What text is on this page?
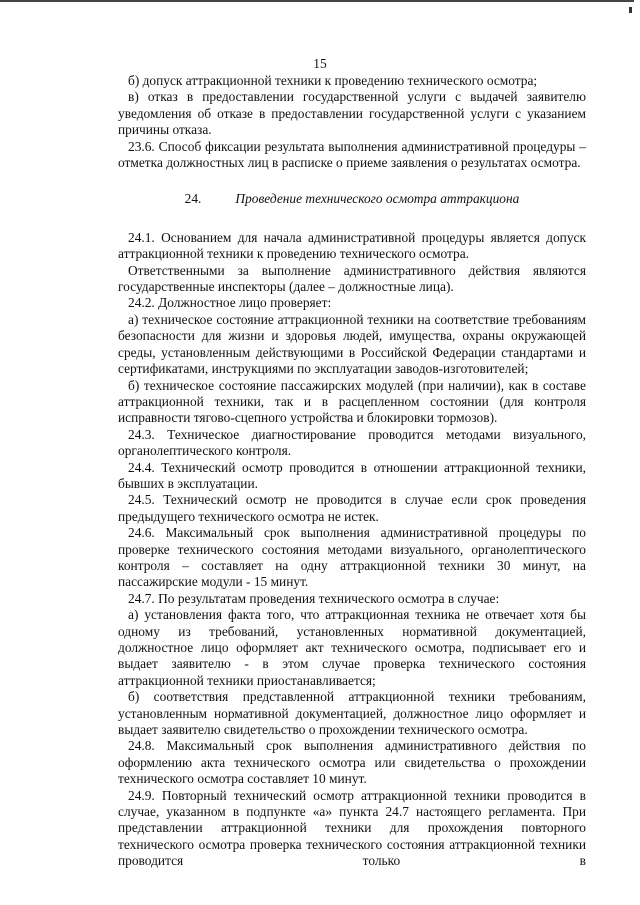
15

б) допуск аттракционной техники к проведению технического осмотра;

в) отказ в предоставлении государственной услуги с выдачей заявителю уведомления об отказе в предоставлении государственной услуги с указанием причины отказа.

23.6. Способ фиксации результата выполнения административной процедуры – отметка должностных лиц в расписке о приеме заявления о результатах осмотра.

24.	Проведение технического осмотра аттракциона

24.1. Основанием для начала административной процедуры является допуск аттракционной техники к проведению технического осмотра.

Ответственными за выполнение административного действия являются государственные инспекторы (далее – должностные лица).

24.2. Должностное лицо проверяет:

а) техническое состояние аттракционной техники на соответствие требованиям безопасности для жизни и здоровья людей, имущества, охраны окружающей среды, установленным действующими в Российской Федерации стандартами и сертификатами, инструкциями по эксплуатации заводов-изготовителей;

б) техническое состояние пассажирских модулей (при наличии), как в составе аттракционной техники, так и в расцепленном состоянии (для контроля исправности тягово-сцепного устройства и блокировки тормозов).

24.3. Техническое диагностирование проводится методами визуального, органолептического контроля.

24.4. Технический осмотр проводится в отношении аттракционной техники, бывших в эксплуатации.

24.5. Технический осмотр не проводится в случае если срок проведения предыдущего технического осмотра не истек.

24.6. Максимальный срок выполнения административной процедуры по проверке технического состояния методами визуального, органолептического контроля – составляет на одну аттракционной техники 30 минут, на пассажирские модули - 15 минут.

24.7. По результатам проведения технического осмотра в случае:

а) установления факта того, что аттракционная техника не отвечает хотя бы одному из требований, установленных нормативной документацией, должностное лицо оформляет акт технического осмотра, подписывает его и выдает заявителю - в этом случае проверка технического состояния аттракционной техники приостанавливается;

б) соответствия представленной аттракционной техники требованиям, установленным нормативной документацией, должностное лицо оформляет и выдает заявителю свидетельство о прохождении технического осмотра.

24.8. Максимальный срок выполнения административного действия по оформлению акта технического осмотра или свидетельства о прохождении технического осмотра составляет 10 минут.

24.9. Повторный технический осмотр аттракционной техники проводится в случае, указанном в подпункте «а» пункта 24.7 настоящего регламента. При представлении аттракционной техники для прохождения повторного технического осмотра проверка технического состояния аттракционной техники проводится только в
